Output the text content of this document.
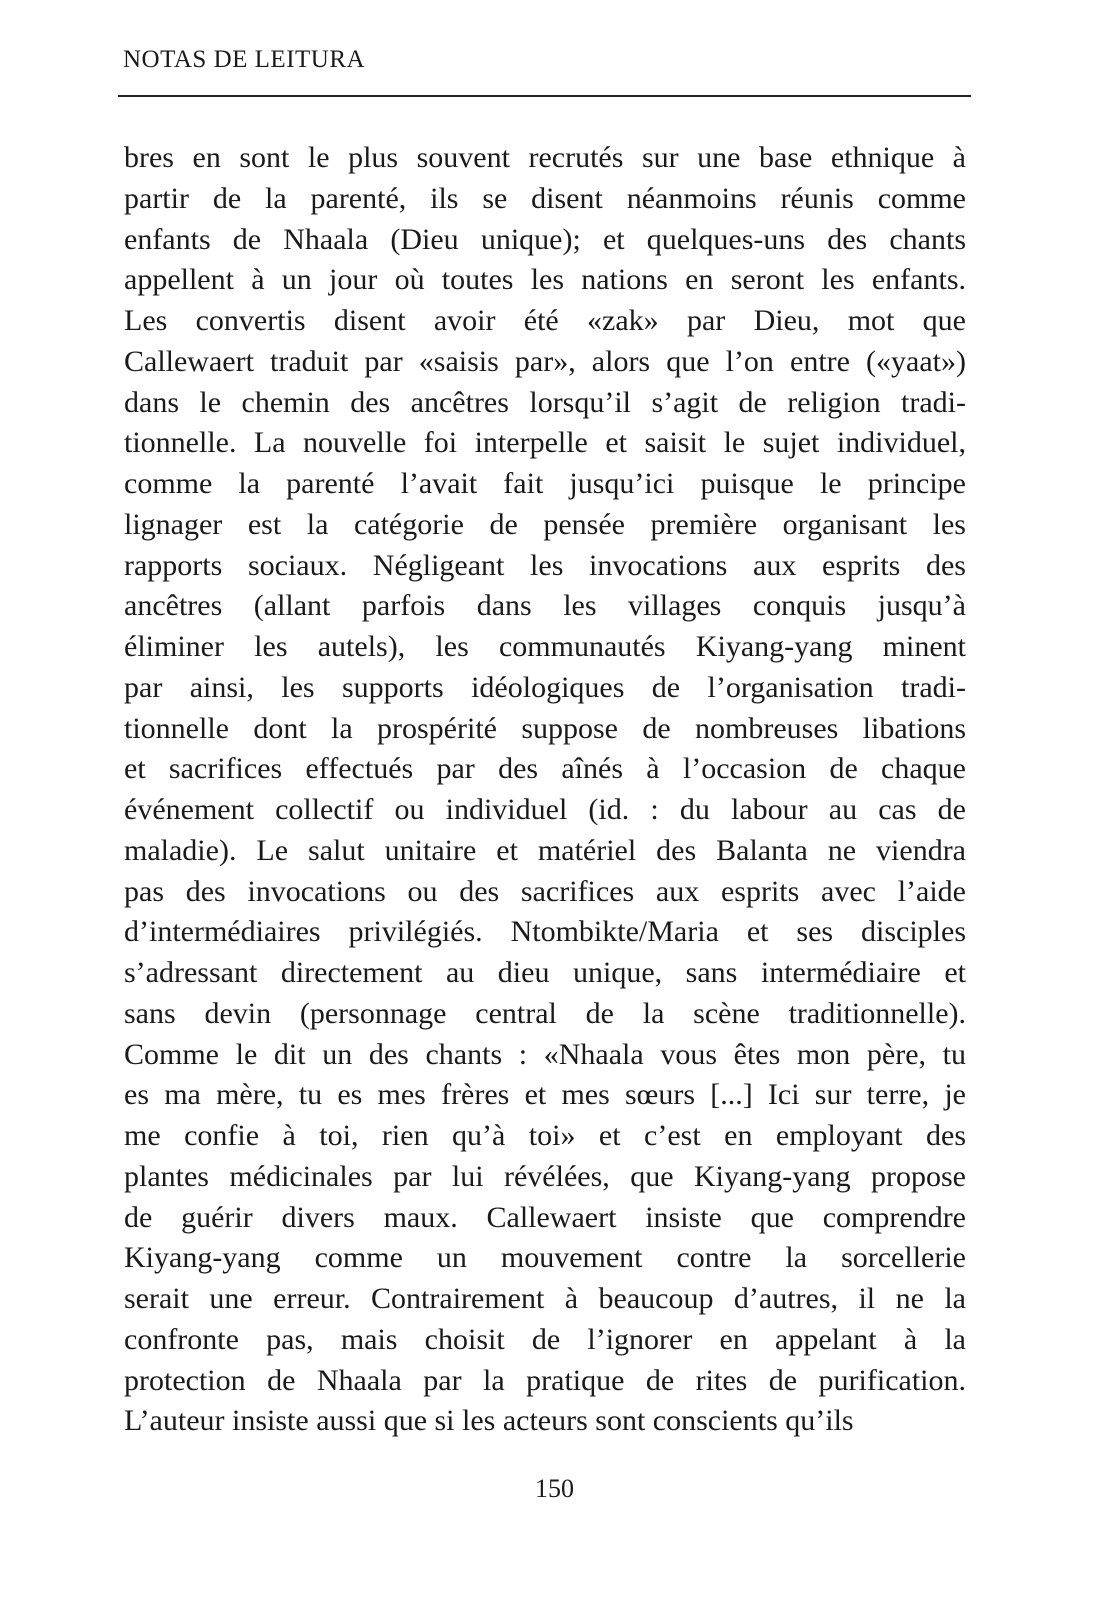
NOTAS DE LEITURA
bres en sont le plus souvent recrutés sur une base ethnique à
partir de la parenté, ils se disent néanmoins réunis comme
enfants de Nhaala (Dieu unique); et quelques-uns des chants
appellent à un jour où toutes les nations en seront les enfants.
Les convertis disent avoir été «zak» par Dieu, mot que
Callewaert traduit par «saisis par», alors que l’on entre («yaat»)
dans le chemin des ancêtres lorsqu’il s’agit de religion tradi-
tionnelle. La nouvelle foi interpelle et saisit le sujet individuel,
comme la parenté l’avait fait jusqu’ici puisque le principe
lignager est la catégorie de pensée première organisant les
rapports sociaux. Négligeant les invocations aux esprits des
ancêtres (allant parfois dans les villages conquis jusqu’à
éliminer les autels), les communautés Kiyang-yang minent
par ainsi, les supports idéologiques de l’organisation tradi-
tionnelle dont la prospérité suppose de nombreuses libations
et sacrifices effectués par des aînés à l’occasion de chaque
événement collectif ou individuel (id. : du labour au cas de
maladie). Le salut unitaire et matériel des Balanta ne viendra
pas des invocations ou des sacrifices aux esprits avec l’aide
d’intermédiaires privilégiés. Ntombikte/Maria et ses disciples
s’adressant directement au dieu unique, sans intermédiaire et
sans devin (personnage central de la scène traditionnelle).
Comme le dit un des chants : «Nhaala vous êtes mon père, tu
es ma mère, tu es mes frères et mes sœurs [...] Ici sur terre, je
me confie à toi, rien qu’à toi» et c’est en employant des
plantes médicinales par lui révélées, que Kiyang-yang propose
de guérir divers maux. Callewaert insiste que comprendre
Kiyang-yang comme un mouvement contre la sorcellerie
serait une erreur. Contrairement à beaucoup d’autres, il ne la
confronte pas, mais choisit de l’ignorer en appelant à la
protection de Nhaala par la pratique de rites de purification.
L’auteur insiste aussi que si les acteurs sont conscients qu’ils
150
